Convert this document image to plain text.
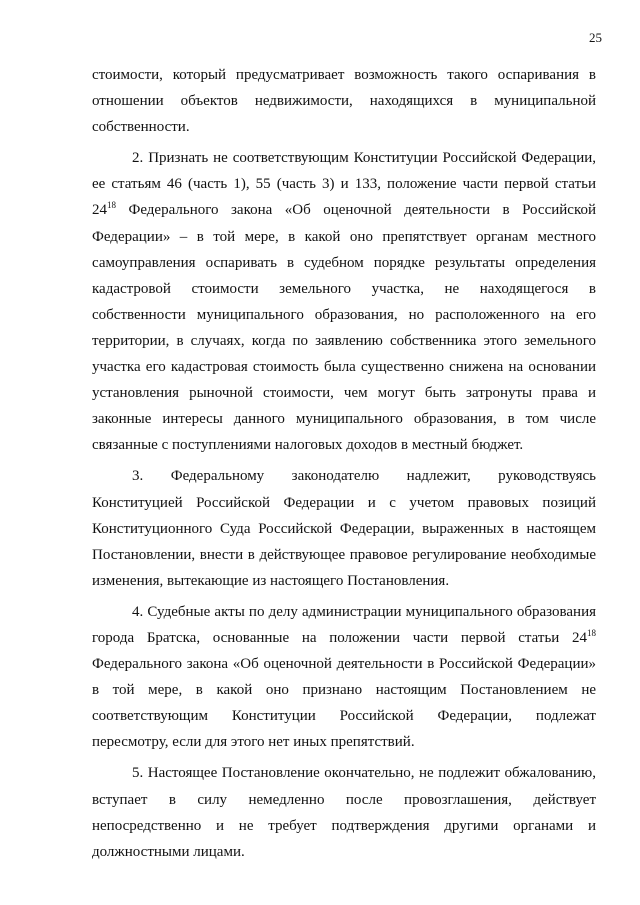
25

стоимости, который предусматривает возможность такого оспаривания в
отношении объектов недвижимости, находящихся в муниципальной
собственности.

2. Признать не соответствующим Конституции Российской Федерации,
ее статьям 46 (часть 1), 55 (часть 3) и 133, положение части первой статьи
$24^{18}$ Федерального закона «Об оценочной деятельности в Российской
Федерации» – в той мере, в какой оно препятствует органам местного
самоуправления оспаривать в судебном порядке результаты определения
кадастровой стоимости земельного участка, не находящегося в
собственности муниципального образования, но расположенного на его
территории, в случаях, когда по заявлению собственника этого земельного
участка его кадастровая стоимость была существенно снижена на основании
установления рыночной стоимости, чем могут быть затронуты права и
законные интересы данного муниципального образования, в том числе
связанные с поступлениями налоговых доходов в местный бюджет.

3. Федеральному законодателю надлежит, руководствуясь
Конституцией Российской Федерации и с учетом правовых позиций
Конституционного Суда Российской Федерации, выраженных в настоящем
Постановлении, внести в действующее правовое регулирование необходимые
изменения, вытекающие из настоящего Постановления.

4. Судебные акты по делу администрации муниципального образования
города Братска, основанные на положении части первой статьи $24^{18}$
Федерального закона «Об оценочной деятельности в Российской Федерации»
в той мере, в какой оно признано настоящим Постановлением не
соответствующим Конституции Российской Федерации, подлежат
пересмотру, если для этого нет иных препятствий.

5. Настоящее Постановление окончательно, не подлежит обжалованию,
вступает в силу немедленно после провозглашения, действует
непосредственно и не требует подтверждения другими органами и
должностными лицами.
